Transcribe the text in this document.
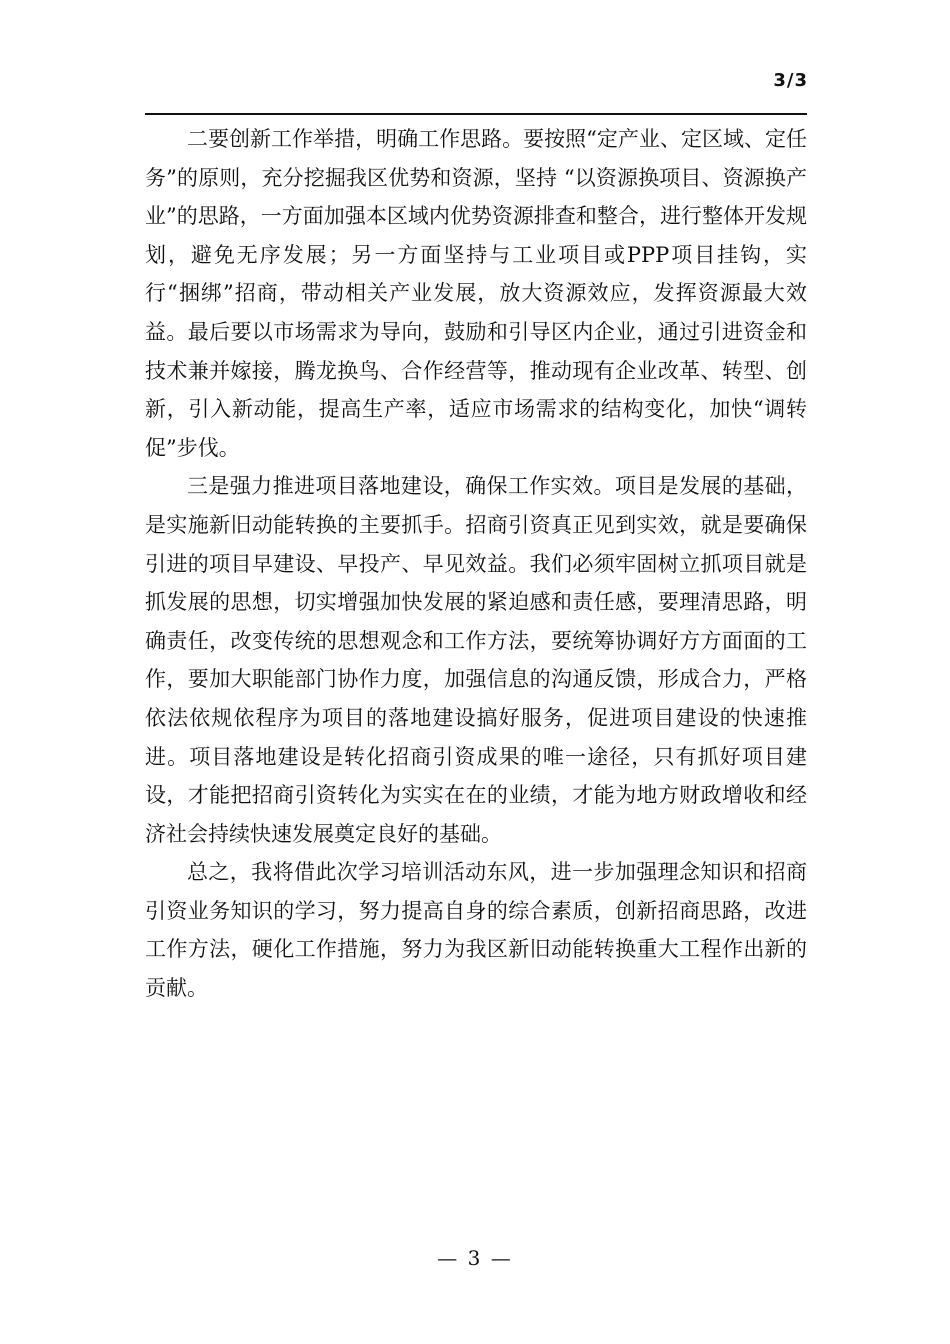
3/3

二要创新工作举措，明确工作思路。要按照“定产业、定区域、定任务”的原则，充分挖掘我区优势和资源，坚持 “以资源换项目、资源换产业”的思路，一方面加强本区域内优势资源排查和整合，进行整体开发规划，避免无序发展；另一方面坚持与工业项目或PPP项目挂钩，实行“捆绑”招商，带动相关产业发展，放大资源效应，发挥资源最大效益。最后要以市场需求为导向，鼓励和引导区内企业，通过引进资金和技术兼并嫁接，腾龙换鸟、合作经营等，推动现有企业改革、转型、创新，引入新动能，提高生产率，适应市场需求的结构变化，加快“调转促”步伐。

三是强力推进项目落地建设，确保工作实效。项目是发展的基础，是实施新旧动能转换的主要抓手。招商引资真正见到实效，就是要确保引进的项目早建设、早投产、早见效益。我们必须牢固树立抓项目就是抓发展的思想，切实增强加快发展的紧迫感和责任感，要理清思路，明确责任，改变传统的思想观念和工作方法，要统筹协调好方方面面的工作，要加大职能部门协作力度，加强信息的沟通反馈，形成合力，严格依法依规依程序为项目的落地建设搞好服务，促进项目建设的快速推进。项目落地建设是转化招商引资成果的唯一途径，只有抓好项目建设，才能把招商引资转化为实实在在的业绩，才能为地方财政增收和经济社会持续快速发展奠定良好的基础。

总之，我将借此次学习培训活动东风，进一步加强理念知识和招商引资业务知识的学习，努力提高自身的综合素质，创新招商思路，改进工作方法，硬化工作措施，努力为我区新旧动能转换重大工程作出新的贡献。

— 3 —
